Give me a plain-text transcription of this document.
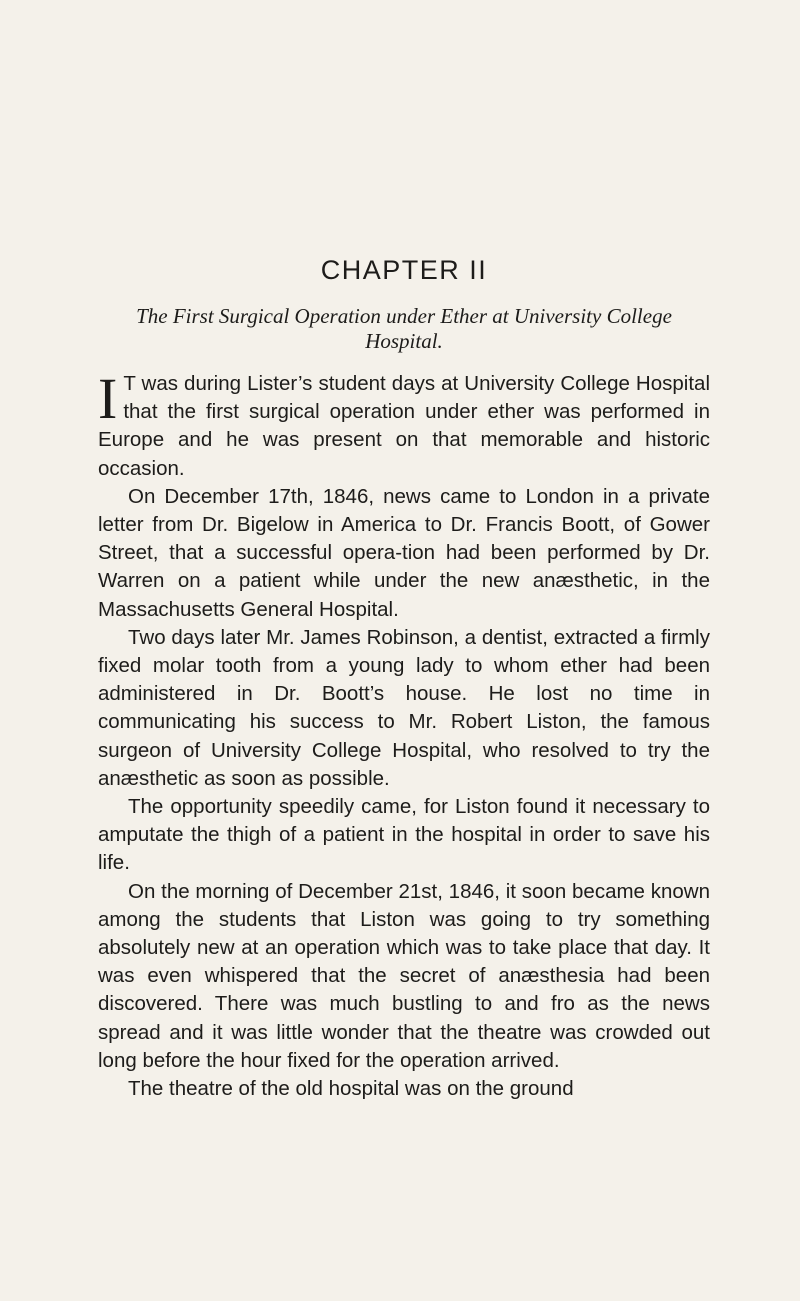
CHAPTER II

The First Surgical Operation under Ether at University College Hospital.

I T was during Lister’s student days at University College Hospital that the first surgical operation under ether was performed in Europe and he was present on that memorable and historic occasion.

On December 17th, 1846, news came to London in a private letter from Dr. Bigelow in America to Dr. Francis Boott, of Gower Street, that a successful opera-tion had been performed by Dr. Warren on a patient while under the new anæsthetic, in the Massachusetts General Hospital.

Two days later Mr. James Robinson, a dentist, extracted a firmly fixed molar tooth from a young lady to whom ether had been administered in Dr. Boott’s house. He lost no time in communicating his success to Mr. Robert Liston, the famous surgeon of University College Hospital, who resolved to try the anæsthetic as soon as possible.

The opportunity speedily came, for Liston found it necessary to amputate the thigh of a patient in the hospital in order to save his life.

On the morning of December 21st, 1846, it soon became known among the students that Liston was going to try something absolutely new at an operation which was to take place that day. It was even whispered that the secret of anæsthesia had been discovered. There was much bustling to and fro as the news spread and it was little wonder that the theatre was crowded out long before the hour fixed for the operation arrived.

The theatre of the old hospital was on the ground
